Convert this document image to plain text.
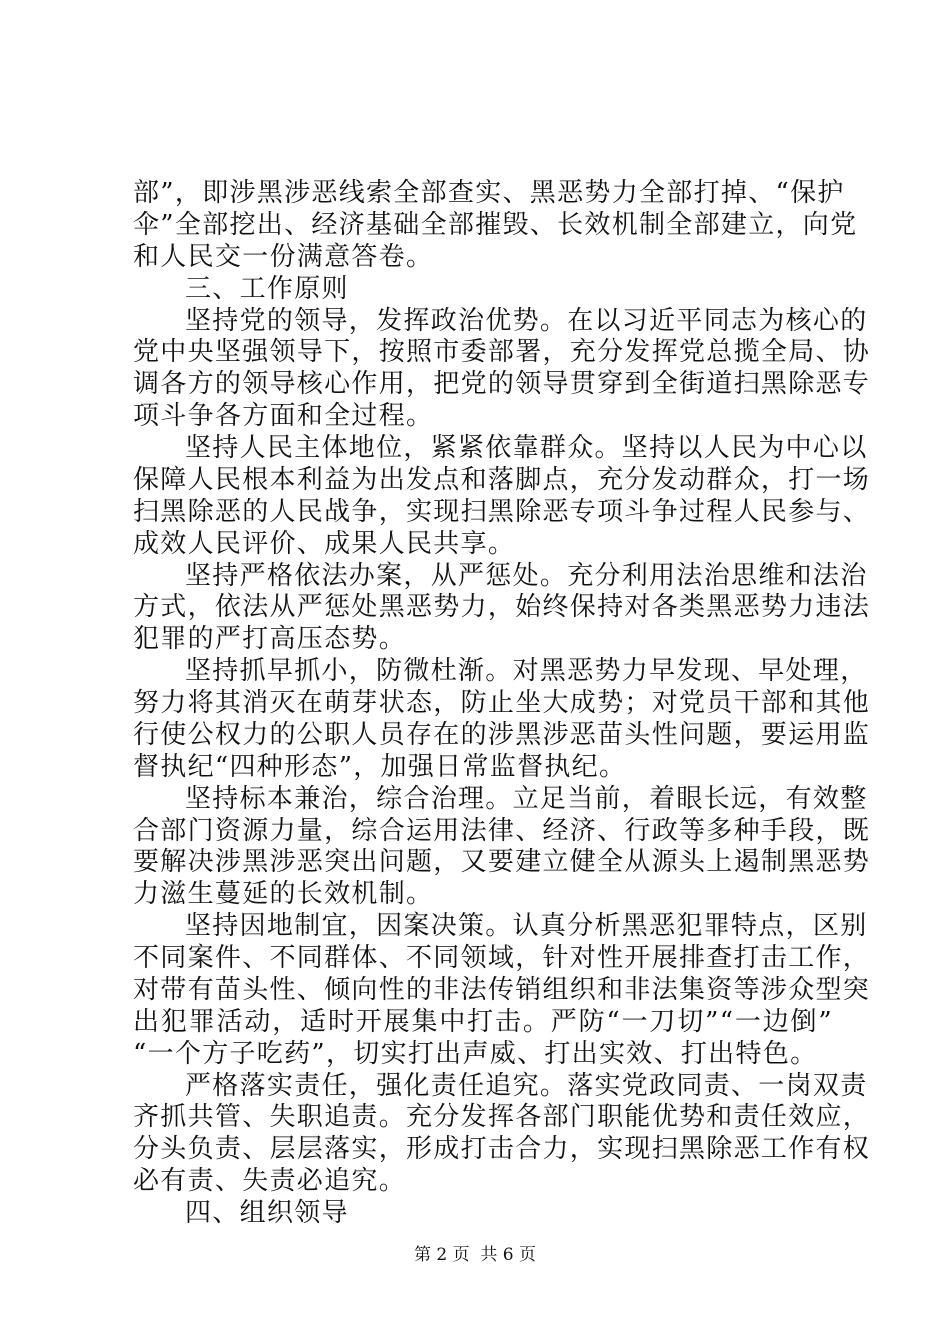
部”，即涉黑涉恶线索全部查实、黑恶势力全部打掉、“保护
伞”全部挖出、经济基础全部摧毁、长效机制全部建立，向党
和人民交一份满意答卷。
三、工作原则
坚持党的领导，发挥政治优势。在以习近平同志为核心的
党中央坚强领导下，按照市委部署，充分发挥党总揽全局、协
调各方的领导核心作用，把党的领导贯穿到全街道扫黑除恶专
项斗争各方面和全过程。
坚持人民主体地位，紧紧依靠群众。坚持以人民为中心以
保障人民根本利益为出发点和落脚点，充分发动群众，打一场
扫黑除恶的人民战争，实现扫黑除恶专项斗争过程人民参与、
成效人民评价、成果人民共享。
坚持严格依法办案，从严惩处。充分利用法治思维和法治
方式，依法从严惩处黑恶势力，始终保持对各类黑恶势力违法
犯罪的严打高压态势。
坚持抓早抓小，防微杜渐。对黑恶势力早发现、早处理，
努力将其消灭在萌芽状态，防止坐大成势；对党员干部和其他
行使公权力的公职人员存在的涉黑涉恶苗头性问题，要运用监
督执纪“四种形态”，加强日常监督执纪。
坚持标本兼治，综合治理。立足当前，着眼长远，有效整
合部门资源力量，综合运用法律、经济、行政等多种手段，既
要解决涉黑涉恶突出问题，又要建立健全从源头上遏制黑恶势
力滋生蔓延的长效机制。
坚持因地制宜，因案决策。认真分析黑恶犯罪特点，区别
不同案件、不同群体、不同领域，针对性开展排查打击工作，
对带有苗头性、倾向性的非法传销组织和非法集资等涉众型突
出犯罪活动，适时开展集中打击。严防“一刀切”“一边倒”
“一个方子吃药”，切实打出声威、打出实效、打出特色。
严格落实责任，强化责任追究。落实党政同责、一岗双责
齐抓共管、失职追责。充分发挥各部门职能优势和责任效应，
分头负责、层层落实，形成打击合力，实现扫黑除恶工作有权
必有责、失责必追究。
四、组织领导
第 2 页  共 6 页
